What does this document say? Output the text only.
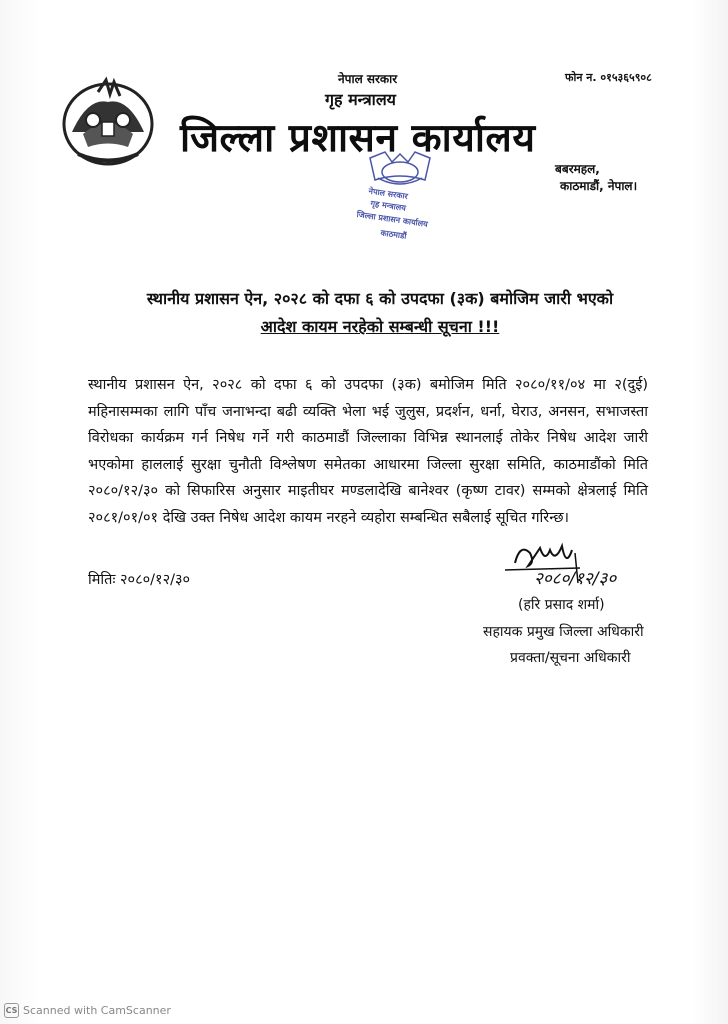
नेपाल सरकार
गृह मन्त्रालय
फोन न. ०१५३६५९०८
जिल्ला प्रशासन कार्यालय
बबरमहल,
काठमाडौं, नेपाल।
नेपाल सरकार
गृह मन्त्रालय
जिल्ला प्रशासन कार्यालय
काठमाडौं
स्थानीय प्रशासन ऐन, २०२८ को दफा ६ को उपदफा (३क) बमोजिम जारी भएको
आदेश कायम नरहेको सम्बन्धी सूचना !!!
स्थानीय प्रशासन ऐन, २०२८ को दफा ६ को उपदफा (३क) बमोजिम मिति २०८०/११/०४ मा २(दुई) महिनासम्मका लागि पाँच जनाभन्दा बढी व्यक्ति भेला भई जुलुस, प्रदर्शन, धर्ना, घेराउ, अनसन, सभाजस्ता विरोधका कार्यक्रम गर्न निषेध गर्ने गरी काठमाडौं जिल्लाका विभिन्न स्थानलाई तोकेर निषेध आदेश जारी भएकोमा हाललाई सुरक्षा चुनौती विश्लेषण समेतका आधारमा जिल्ला सुरक्षा समिति, काठमाडौंको मिति २०८०/१२/३० को सिफारिस अनुसार माइतीघर मण्डलादेखि बानेश्वर (कृष्ण टावर) सम्मको क्षेत्रलाई मिति २०८१/०१/०१ देखि उक्त निषेध आदेश कायम नरहने व्यहोरा सम्बन्धित सबैलाई सूचित गरिन्छ।
मितिः २०८०/१२/३०	२०८०/१२/३०
(हरि प्रसाद शर्मा)
सहायक प्रमुख जिल्ला अधिकारी
प्रवक्ता/सूचना अधिकारी
CS Scanned with CamScanner
